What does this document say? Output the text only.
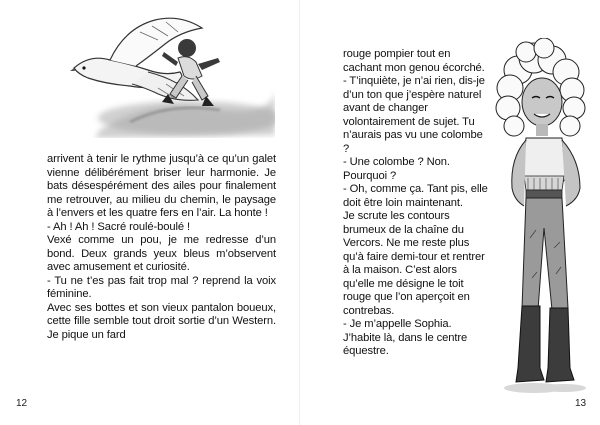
arrivent à tenir le rythme jusqu’à ce qu’un galet vienne délibérément briser leur harmonie. Je bats désespérément des ailes pour finalement me retrouver, au milieu du chemin, le paysage à l’envers et les quatre fers en l’air. La honte !

- Ah ! Ah ! Sacré roulé-boulé !

Vexé comme un pou, je me redresse d’un bond. Deux grands yeux bleus m’observent avec amusement et curiosité.

- Tu ne t’es pas fait trop mal ? reprend la voix féminine.

Avec ses bottes et son vieux pantalon boueux, cette fille semble tout droit sortie d’un Western. Je pique un fard

12

rouge pompier tout en cachant mon genou écorché.

- T’inquiète, je n’ai rien, dis-je d’un ton que j’espère naturel avant de changer volontairement de sujet. Tu n’aurais pas vu une colombe ?

- Une colombe ? Non. Pourquoi ?

- Oh, comme ça. Tant pis, elle doit être loin maintenant.

Je scrute les contours brumeux de la chaîne du Vercors. Ne me reste plus qu’à faire demi-tour et rentrer à la maison. C’est alors qu’elle me désigne le toit rouge que l’on aperçoit en contrebas.

- Je m’appelle Sophia. J’habite là, dans le centre équestre.

13
